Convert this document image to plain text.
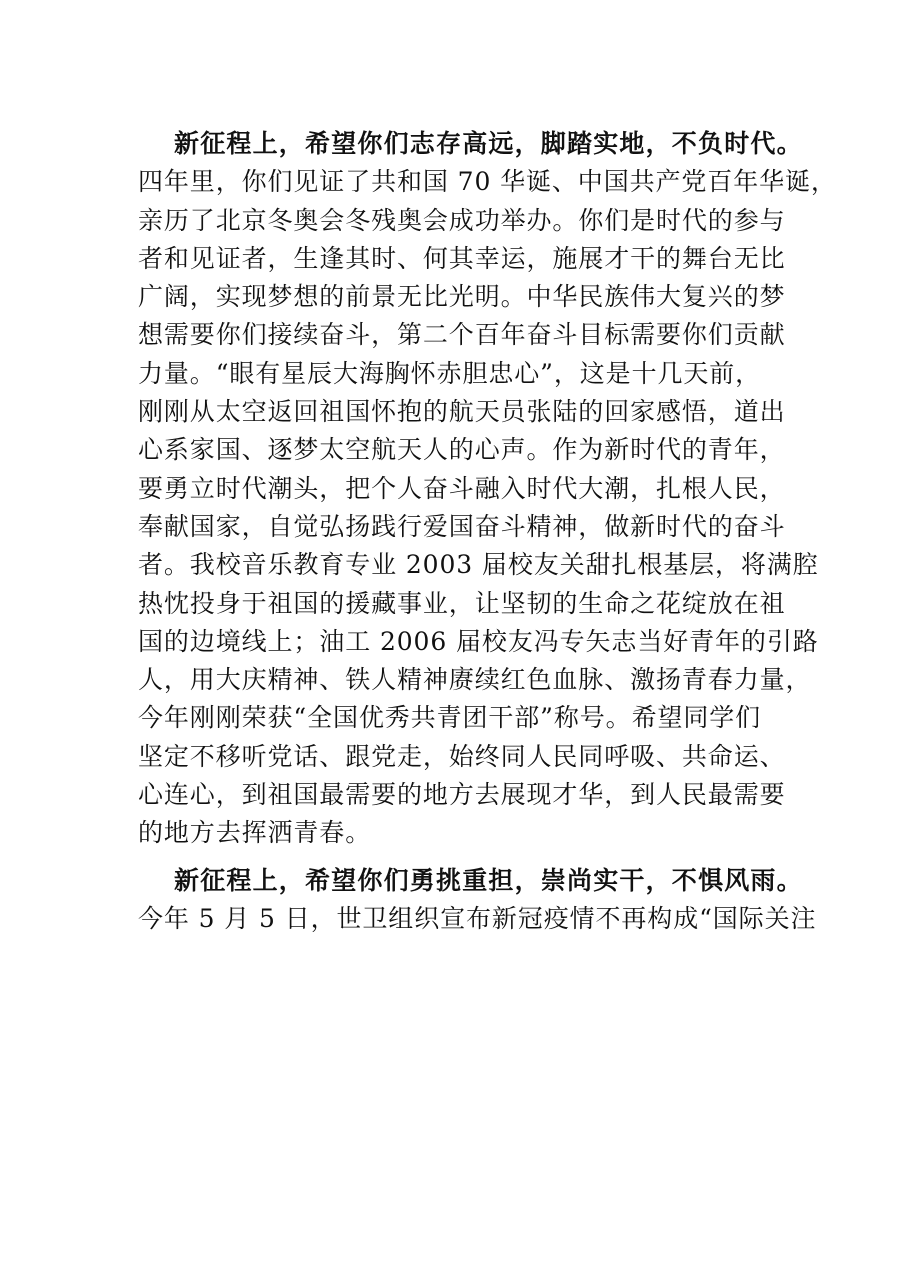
新征程上，希望你们志存高远，脚踏实地，不负时代。
四年里，你们见证了共和国 70 华诞、中国共产党百年华诞，
亲历了北京冬奥会冬残奥会成功举办。你们是时代的参与
者和见证者，生逢其时、何其幸运，施展才干的舞台无比
广阔，实现梦想的前景无比光明。中华民族伟大复兴的梦
想需要你们接续奋斗，第二个百年奋斗目标需要你们贡献
力量。“眼有星辰大海胸怀赤胆忠心”，这是十几天前，
刚刚从太空返回祖国怀抱的航天员张陆的回家感悟，道出
心系家国、逐梦太空航天人的心声。作为新时代的青年，
要勇立时代潮头，把个人奋斗融入时代大潮，扎根人民，
奉献国家，自觉弘扬践行爱国奋斗精神，做新时代的奋斗
者。我校音乐教育专业 2003 届校友关甜扎根基层，将满腔
热忱投身于祖国的援藏事业，让坚韧的生命之花绽放在祖
国的边境线上；油工 2006 届校友冯专矢志当好青年的引路
人，用大庆精神、铁人精神赓续红色血脉、激扬青春力量，
今年刚刚荣获“全国优秀共青团干部”称号。希望同学们
坚定不移听党话、跟党走，始终同人民同呼吸、共命运、
心连心，到祖国最需要的地方去展现才华，到人民最需要
的地方去挥洒青春。
新征程上，希望你们勇挑重担，崇尚实干，不惧风雨。
今年 5 月 5 日，世卫组织宣布新冠疫情不再构成“国际关注
